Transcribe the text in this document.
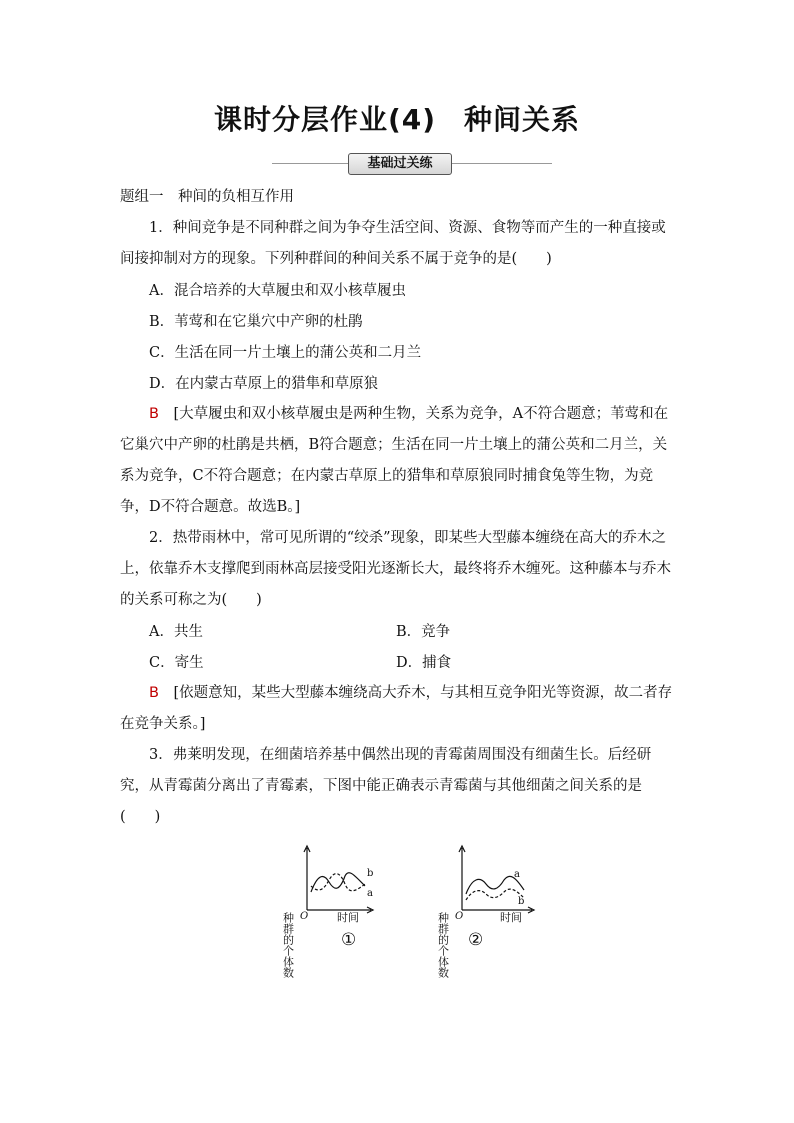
课时分层作业(4) 种间关系
基础过关练

题组一　种间的负相互作用

1．种间竞争是不同种群之间为争夺生活空间、资源、食物等而产生的一种直接或间接抑制对方的现象。下列种群间的种间关系不属于竞争的是(　　)

A．混合培养的大草履虫和双小核草履虫
B．苇莺和在它巢穴中产卵的杜鹃
C．生活在同一片土壤上的蒲公英和二月兰
D．在内蒙古草原上的猎隼和草原狼

B　 [大草履虫和双小核草履虫是两种生物，关系为竞争，A不符合题意；苇莺和在它巢穴中产卵的杜鹃是共栖，B符合题意；生活在同一片土壤上的蒲公英和二月兰，关系为竞争，C不符合题意；在内蒙古草原上的猎隼和草原狼同时捕食兔等生物，为竞争，D不符合题意。故选B。]

2．热带雨林中，常可见所谓的“绞杀”现象，即某些大型藤本缠绕在高大的乔木之上，依靠乔木支撑爬到雨林高层接受阳光逐渐长大，最终将乔木缠死。这种藤本与乔木的关系可称之为(　　)

A．共生	B．竞争
C．寄生	D．捕食

B　 [依题意知，某些大型藤本缠绕高大乔木，与其相互竞争阳光等资源，故二者存在竞争关系。]

3．弗莱明发现，在细菌培养基中偶然出现的青霉菌周围没有细菌生长。后经研究，从青霉菌分离出了青霉素，下图中能正确表示青霉菌与其他细菌之间关系的是(　　)

种群的个体数
b
a
O	时间
①	种群的个体数
a
b
O	时间
②
